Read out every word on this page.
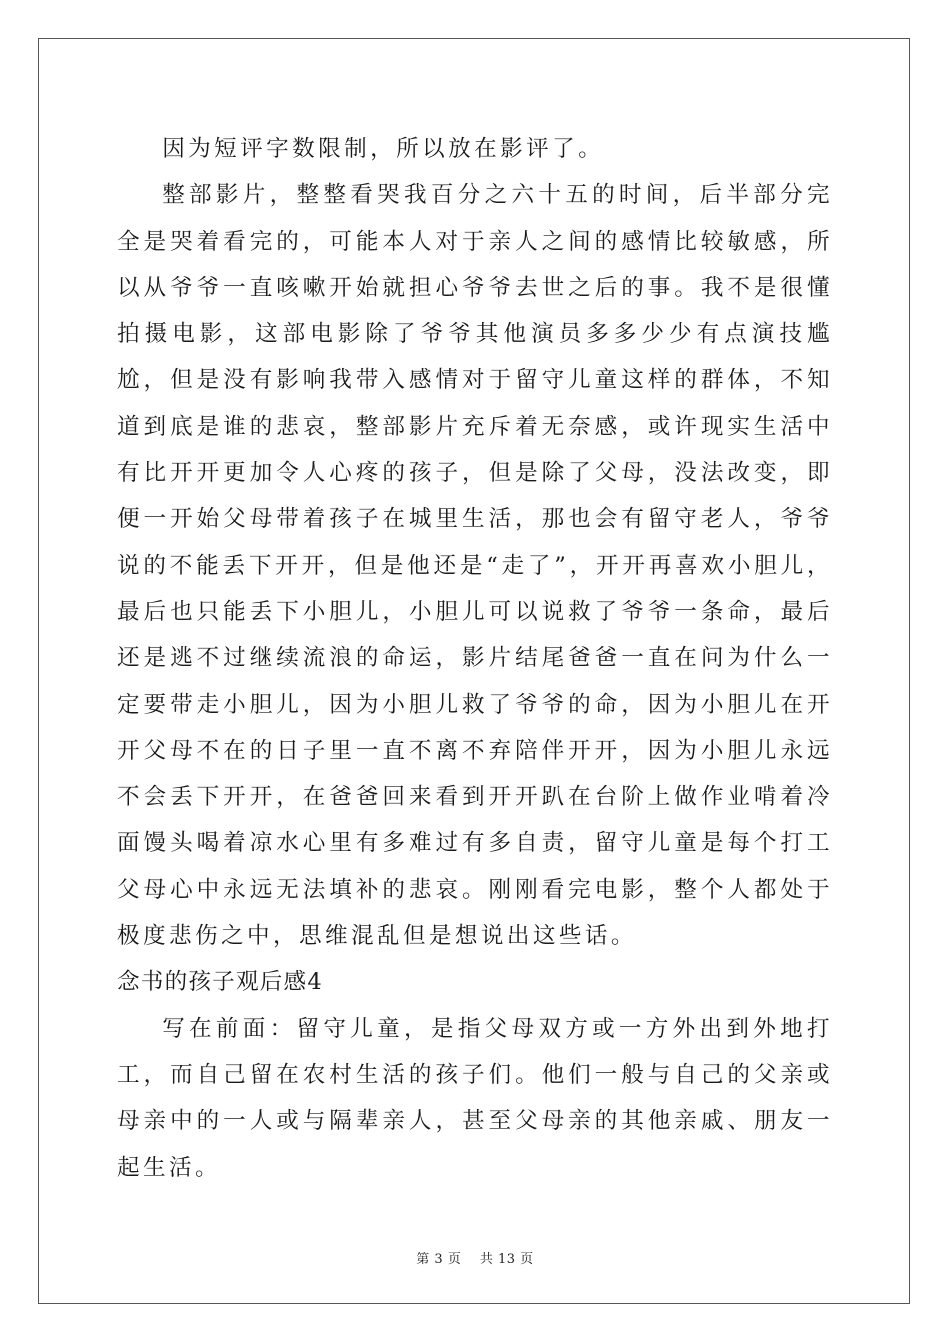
因为短评字数限制，所以放在影评了。

整部影片，整整看哭我百分之六十五的时间，后半部分完全是哭着看完的，可能本人对于亲人之间的感情比较敏感，所以从爷爷一直咳嗽开始就担心爷爷去世之后的事。我不是很懂拍摄电影，这部电影除了爷爷其他演员多多少少有点演技尴尬，但是没有影响我带入感情对于留守儿童这样的群体，不知道到底是谁的悲哀，整部影片充斥着无奈感，或许现实生活中有比开开更加令人心疼的孩子，但是除了父母，没法改变，即便一开始父母带着孩子在城里生活，那也会有留守老人，爷爷说的不能丢下开开，但是他还是“走了”，开开再喜欢小胆儿，最后也只能丢下小胆儿，小胆儿可以说救了爷爷一条命，最后还是逃不过继续流浪的命运，影片结尾爸爸一直在问为什么一定要带走小胆儿，因为小胆儿救了爷爷的命，因为小胆儿在开开父母不在的日子里一直不离不弃陪伴开开，因为小胆儿永远不会丢下开开，在爸爸回来看到开开趴在台阶上做作业啃着冷面馒头喝着凉水心里有多难过有多自责，留守儿童是每个打工父母心中永远无法填补的悲哀。刚刚看完电影，整个人都处于极度悲伤之中，思维混乱但是想说出这些话。

念书的孩子观后感4

写在前面：留守儿童，是指父母双方或一方外出到外地打工，而自己留在农村生活的孩子们。他们一般与自己的父亲或母亲中的一人或与隔辈亲人，甚至父母亲的其他亲戚、朋友一起生活。

第 3 页 共 13 页
